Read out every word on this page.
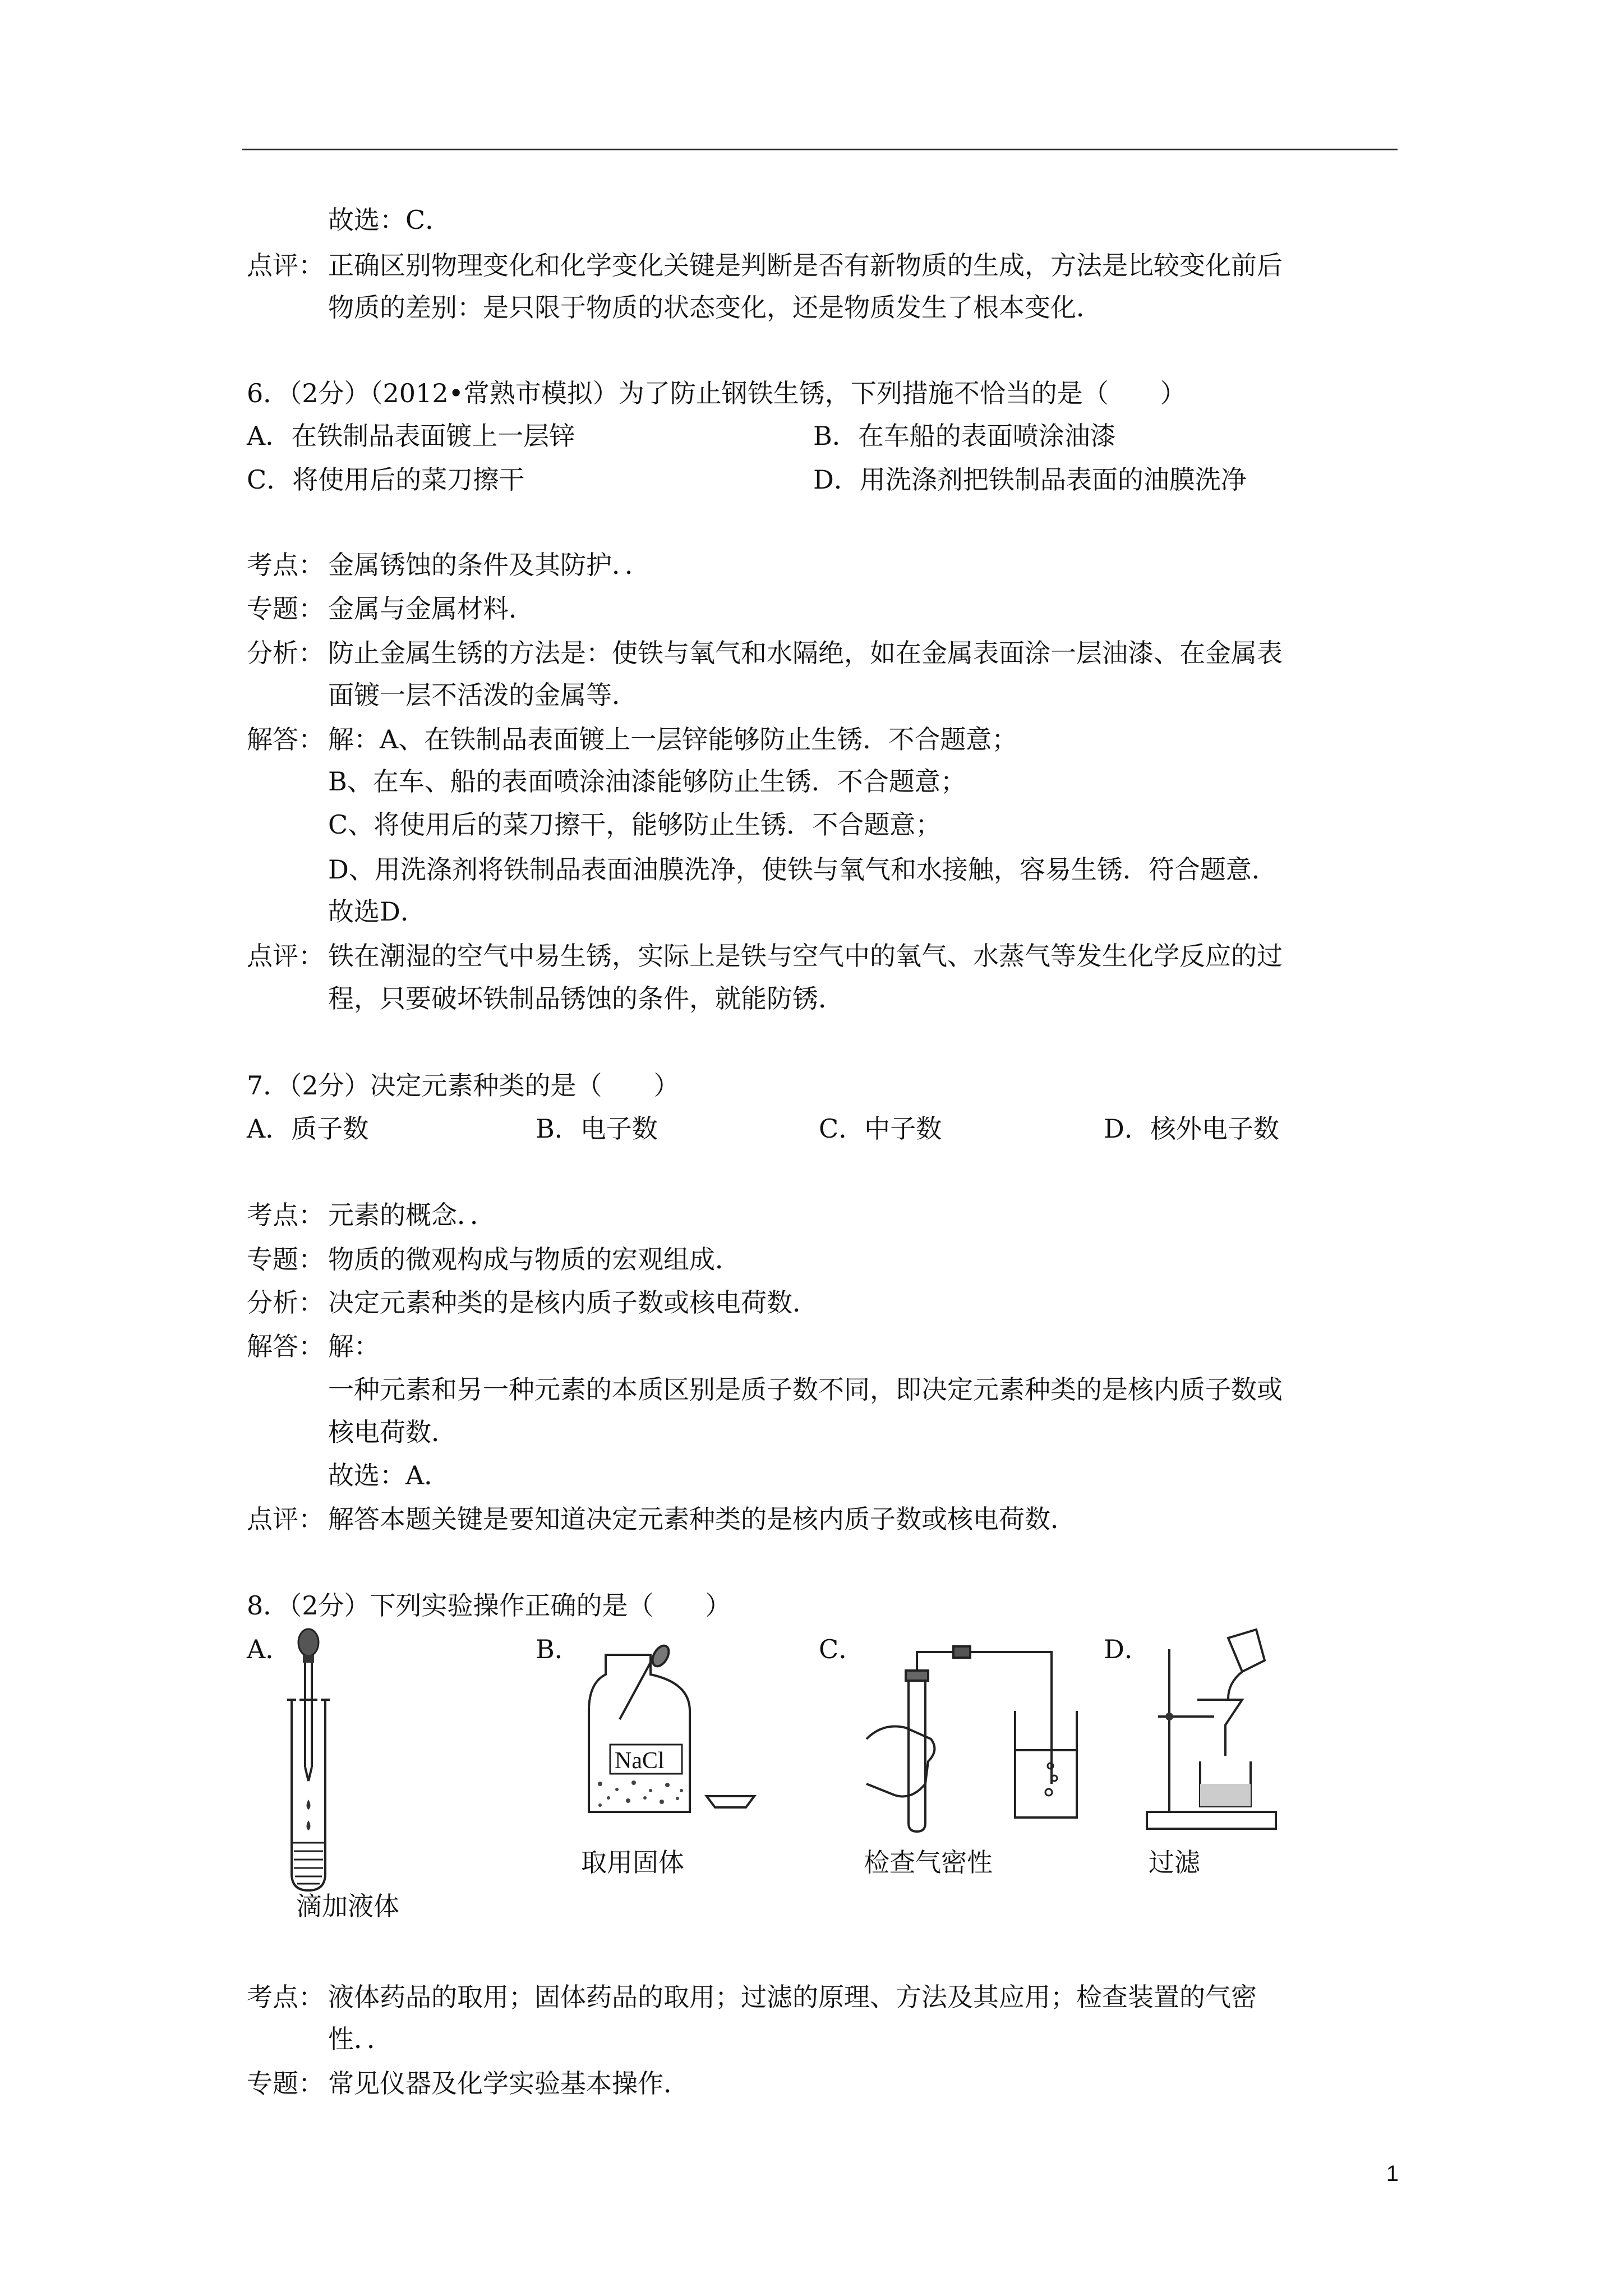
故选：C．
点评： 正确区别物理变化和化学变化关键是判断是否有新物质的生成，方法是比较变化前后
物质的差别：是只限于物质的状态变化，还是物质发生了根本变化．
6．（2分）（2012•常熟市模拟）为了防止钢铁生锈，下列措施不恰当的是（　　）
A．在铁制品表面镀上一层锌	B．在车船的表面喷涂油漆
C．将使用后的菜刀擦干	D．用洗涤剂把铁制品表面的油膜洗净
考点： 金属锈蚀的条件及其防护．．
专题： 金属与金属材料．
分析： 防止金属生锈的方法是：使铁与氧气和水隔绝，如在金属表面涂一层油漆、在金属表
面镀一层不活泼的金属等．
解答： 解：A、在铁制品表面镀上一层锌能够防止生锈．不合题意；
B、在车、船的表面喷涂油漆能够防止生锈．不合题意；
C、将使用后的菜刀擦干，能够防止生锈．不合题意；
D、用洗涤剂将铁制品表面油膜洗净，使铁与氧气和水接触，容易生锈．符合题意．
故选D．
点评： 铁在潮湿的空气中易生锈，实际上是铁与空气中的氧气、水蒸气等发生化学反应的过
程，只要破坏铁制品锈蚀的条件，就能防锈．
7．（2分）决定元素种类的是（　　）
A．质子数	B．电子数	C．中子数	D．核外电子数
考点： 元素的概念．．
专题： 物质的微观构成与物质的宏观组成．
分析： 决定元素种类的是核内质子数或核电荷数．
解答： 解：
一种元素和另一种元素的本质区别是质子数不同，即决定元素种类的是核内质子数或
核电荷数．
故选：A．
点评： 解答本题关键是要知道决定元素种类的是核内质子数或核电荷数．
8．（2分）下列实验操作正确的是（　　）
A．	B．	C．	D．
滴加液体
NaCl
取用固体	检查气密性	过滤
考点： 液体药品的取用；固体药品的取用；过滤的原理、方法及其应用；检查装置的气密
性．．
专题： 常见仪器及化学实验基本操作．
1
